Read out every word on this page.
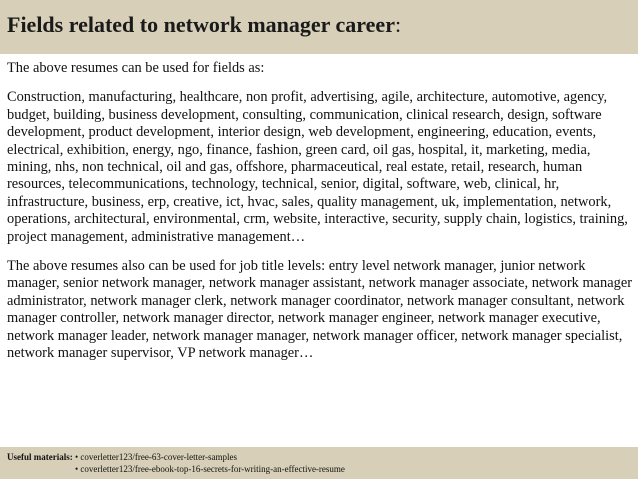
Fields related to network manager career:

The above resumes can be used for fields as:

Construction, manufacturing, healthcare, non profit, advertising, agile, architecture, automotive, agency, budget, building, business development, consulting, communication, clinical research, design, software development, product development, interior design, web development, engineering, education, events, electrical, exhibition, energy, ngo, finance, fashion, green card, oil gas, hospital, it, marketing, media, mining, nhs, non technical, oil and gas, offshore, pharmaceutical, real estate, retail, research, human resources, telecommunications, technology, technical, senior, digital, software, web, clinical, hr, infrastructure, business, erp, creative, ict, hvac, sales, quality management, uk, implementation, network, operations, architectural, environmental, crm, website, interactive, security, supply chain, logistics, training, project management, administrative management…

The above resumes also can be used for job title levels: entry level network manager, junior network manager, senior network manager, network manager assistant, network manager associate, network manager administrator, network manager clerk, network manager coordinator, network manager consultant, network manager controller, network manager director, network manager engineer, network manager executive, network manager leader, network manager manager, network manager officer, network manager specialist, network manager supervisor, VP network manager…

Useful materials: • coverletter123/free-63-cover-letter-samples
• coverletter123/free-ebook-top-16-secrets-for-writing-an-effective-resume
